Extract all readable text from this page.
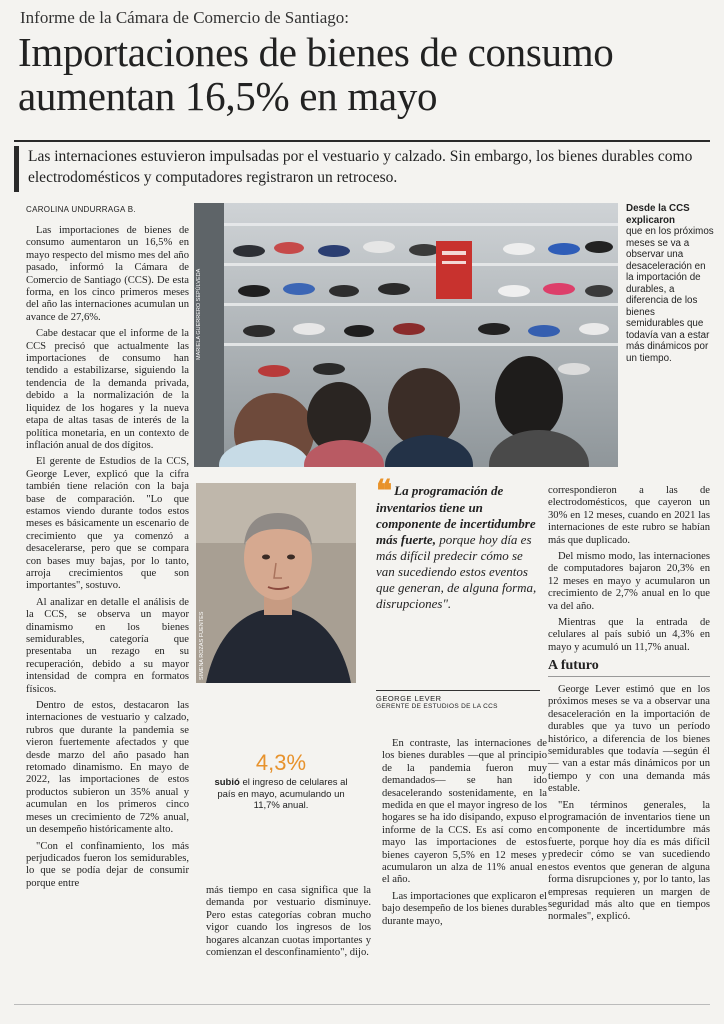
Informe de la Cámara de Comercio de Santiago:
Importaciones de bienes de consumo aumentan 16,5% en mayo
Las internaciones estuvieron impulsadas por el vestuario y calzado. Sin embargo, los bienes durables como electrodomésticos y computadores registraron un retroceso.
CAROLINA UNDURRAGA B.

Las importaciones de bienes de consumo aumentaron un 16,5% en mayo respecto del mismo mes del año pasado, informó la Cámara de Comercio de Santiago (CCS). De esta forma, en los cinco primeros meses del año las internaciones acumulan un avance de 27,6%.

Cabe destacar que el informe de la CCS precisó que actualmente las importaciones de consumo han tendido a estabilizarse, siguiendo la tendencia de la demanda privada, debido a la normalización de la liquidez de los hogares y la nueva etapa de altas tasas de interés de la política monetaria, en un contexto de inflación anual de dos dígitos.

El gerente de Estudios de la CCS, George Lever, explicó que la cifra también tiene relación con la baja base de comparación. "Lo que estamos viendo durante todos estos meses es básicamente un escenario de crecimiento que ya comenzó a desacelerarse, pero que se compara con bases muy bajas, por lo tanto, arroja crecimientos que son importantes", sostuvo.

Al analizar en detalle el análisis de la CCS, se observa un mayor dinamismo en los bienes semidurables, categoría que presentaba un rezago en su recuperación, debido a su mayor intensidad de compra en formatos físicos.

Dentro de estos, destacaron las internaciones de vestuario y calzado, rubros que durante la pandemia se vieron fuertemente afectados y que desde marzo del año pasado han retomado dinamismo. En mayo de 2022, las importaciones de estos productos subieron un 35% anual y acumulan en los primeros cinco meses un crecimiento de 72% anual, un desempeño históricamente alto.

"Con el confinamiento, los más perjudicados fueron los semidurables, lo que se podía dejar de consumir porque entre

MARIELA GUERRERO SEPÚLVEDA
Desde la CCS explicaron
que en los próximos meses se va a observar una desaceleración en la importación de durables, a diferencia de los bienes semidurables que todavía van a estar más dinámicos por un tiempo.
SIMENA ROZAS FUENTES
❝ La programación de inventarios tiene un componente de incertidumbre más fuerte, porque hoy día es más difícil predecir cómo se van sucediendo estos eventos que generan, de alguna forma, disrupciones".
GEORGE LEVER
GERENTE DE ESTUDIOS DE LA CCS
4,3%
subió el ingreso de celulares al país en mayo, acumulando un 11,7% anual.

más tiempo en casa significa que la demanda por vestuario disminuye. Pero estas categorías cobran mucho vigor cuando los ingresos de los hogares alcanzan cuotas importantes y comienzan el desconfinamiento", dijo.

En contraste, las internaciones de los bienes durables —que al principio de la pandemia fueron muy demandados— se han ido desacelerando sostenidamente, en la medida en que el mayor ingreso de los hogares se ha ido disipando, expuso el informe de la CCS. Es así como en mayo las importaciones de estos bienes cayeron 5,5% en 12 meses y acumularon un alza de 11% anual en el año.

Las importaciones que explicaron el bajo desempeño de los bienes durables durante mayo,

correspondieron a las de electrodomésticos, que cayeron un 30% en 12 meses, cuando en 2021 las internaciones de este rubro se habían más que duplicado.

Del mismo modo, las internaciones de computadores bajaron 20,3% en 12 meses en mayo y acumularon un crecimiento de 2,7% anual en lo que va del año.

Mientras que la entrada de celulares al país subió un 4,3% en mayo y acumuló un 11,7% anual.

A futuro

George Lever estimó que en los próximos meses se va a observar una desaceleración en la importación de durables que ya tuvo un período histórico, a diferencia de los bienes semidurables que todavía —según él— van a estar más dinámicos por un tiempo y con una demanda más estable.

"En términos generales, la programación de inventarios tiene un componente de incertidumbre más fuerte, porque hoy día es más difícil predecir cómo se van sucediendo estos eventos que generan de alguna forma disrupciones y, por lo tanto, las empresas requieren un margen de seguridad más alto que en tiempos normales", explicó.
